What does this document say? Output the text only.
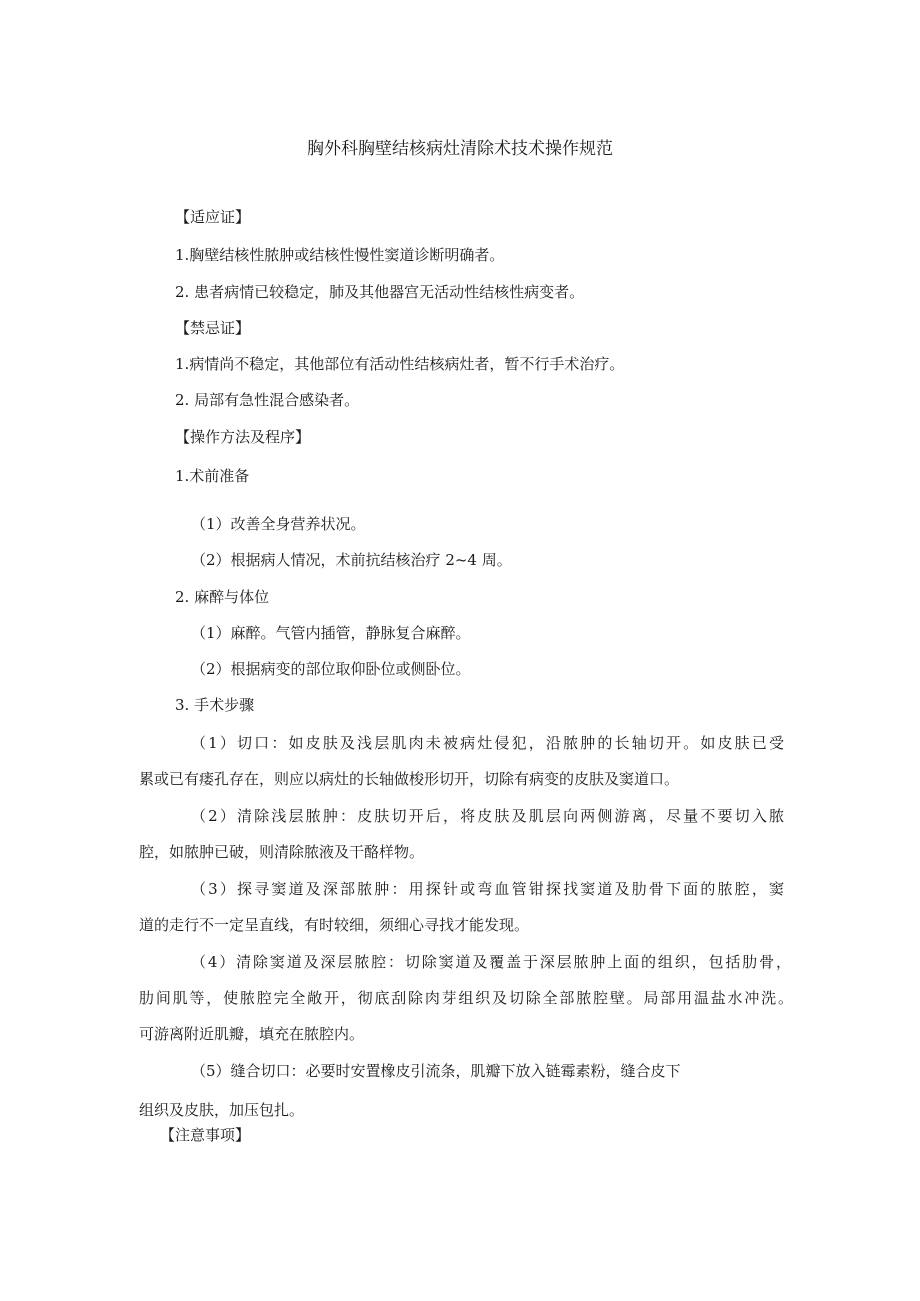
胸外科胸壁结核病灶清除术技术操作规范
【适应证】
1.胸壁结核性脓肿或结核性慢性窦道诊断明确者。
2. 患者病情已较稳定，肺及其他器宫无活动性结核性病变者。
【禁忌证】
1.病情尚不稳定，其他部位有活动性结核病灶者，暂不行手术治疗。
2. 局部有急性混合感染者。
【操作方法及程序】
1.术前准备
（1）改善全身营养状况。
（2）根据病人情况，术前抗结核治疗 2~4 周。
2. 麻醉与体位
（1）麻醉。气管内插管，静脉复合麻醉。
（2）根据病变的部位取仰卧位或侧卧位。
3. 手术步骤
（1）切口：如皮肤及浅层肌肉未被病灶侵犯，沿脓肿的长轴切开。如皮肤已受
累或已有瘘孔存在，则应以病灶的长轴做梭形切开，切除有病变的皮肤及窦道口。
（2）清除浅层脓肿：皮肤切开后，将皮肤及肌层向两侧游离，尽量不要切入脓
腔，如脓肿已破，则清除脓液及干酪样物。
（3）探寻窦道及深部脓肿：用探针或弯血管钳探找窦道及肋骨下面的脓腔，窦
道的走行不一定呈直线，有时较细，须细心寻找才能发现。
（4）清除窦道及深层脓腔：切除窦道及覆盖于深层脓肿上面的组织，包括肋骨，
肋间肌等，使脓腔完全敞开，彻底刮除肉芽组织及切除全部脓腔壁。局部用温盐水冲洗。
可游离附近肌瓣，填充在脓腔内。
（5）缝合切口：必要时安置橡皮引流条，肌瓣下放入链霉素粉，缝合皮下
组织及皮肤，加压包扎。
【注意事项】
